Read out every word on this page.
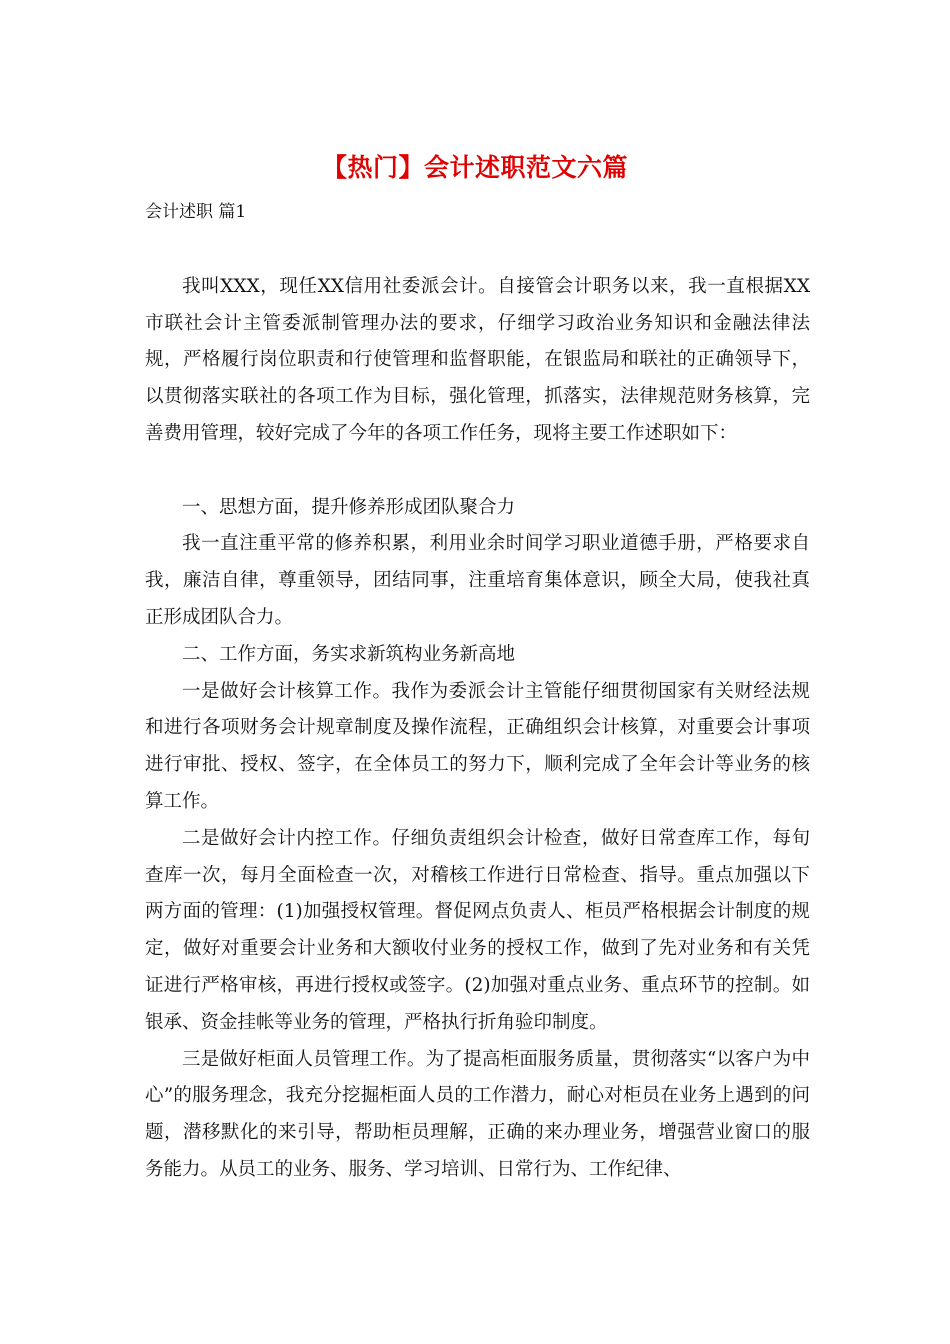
【热门】会计述职范文六篇
会计述职 篇1

我叫XXX，现任XX信用社委派会计。自接管会计职务以来，我一直根据XX市联社会计主管委派制管理办法的要求，仔细学习政治业务知识和金融法律法规，严格履行岗位职责和行使管理和监督职能，在银监局和联社的正确领导下，以贯彻落实联社的各项工作为目标，强化管理，抓落实，法律规范财务核算，完善费用管理，较好完成了今年的各项工作任务，现将主要工作述职如下：

一、思想方面，提升修养形成团队聚合力

我一直注重平常的修养积累，利用业余时间学习职业道德手册，严格要求自我，廉洁自律，尊重领导，团结同事，注重培育集体意识，顾全大局，使我社真正形成团队合力。

二、工作方面，务实求新筑构业务新高地

一是做好会计核算工作。我作为委派会计主管能仔细贯彻国家有关财经法规和进行各项财务会计规章制度及操作流程，正确组织会计核算，对重要会计事项进行审批、授权、签字，在全体员工的努力下，顺利完成了全年会计等业务的核算工作。

二是做好会计内控工作。仔细负责组织会计检查，做好日常查库工作，每旬查库一次，每月全面检查一次，对稽核工作进行日常检查、指导。重点加强以下两方面的管理：(1)加强授权管理。督促网点负责人、柜员严格根据会计制度的规定，做好对重要会计业务和大额收付业务的授权工作，做到了先对业务和有关凭证进行严格审核，再进行授权或签字。(2)加强对重点业务、重点环节的控制。如银承、资金挂帐等业务的管理，严格执行折角验印制度。

三是做好柜面人员管理工作。为了提高柜面服务质量，贯彻落实“以客户为中心”的服务理念，我充分挖掘柜面人员的工作潜力，耐心对柜员在业务上遇到的问题，潜移默化的来引导，帮助柜员理解，正确的来办理业务，增强营业窗口的服务能力。从员工的业务、服务、学习培训、日常行为、工作纪律、
